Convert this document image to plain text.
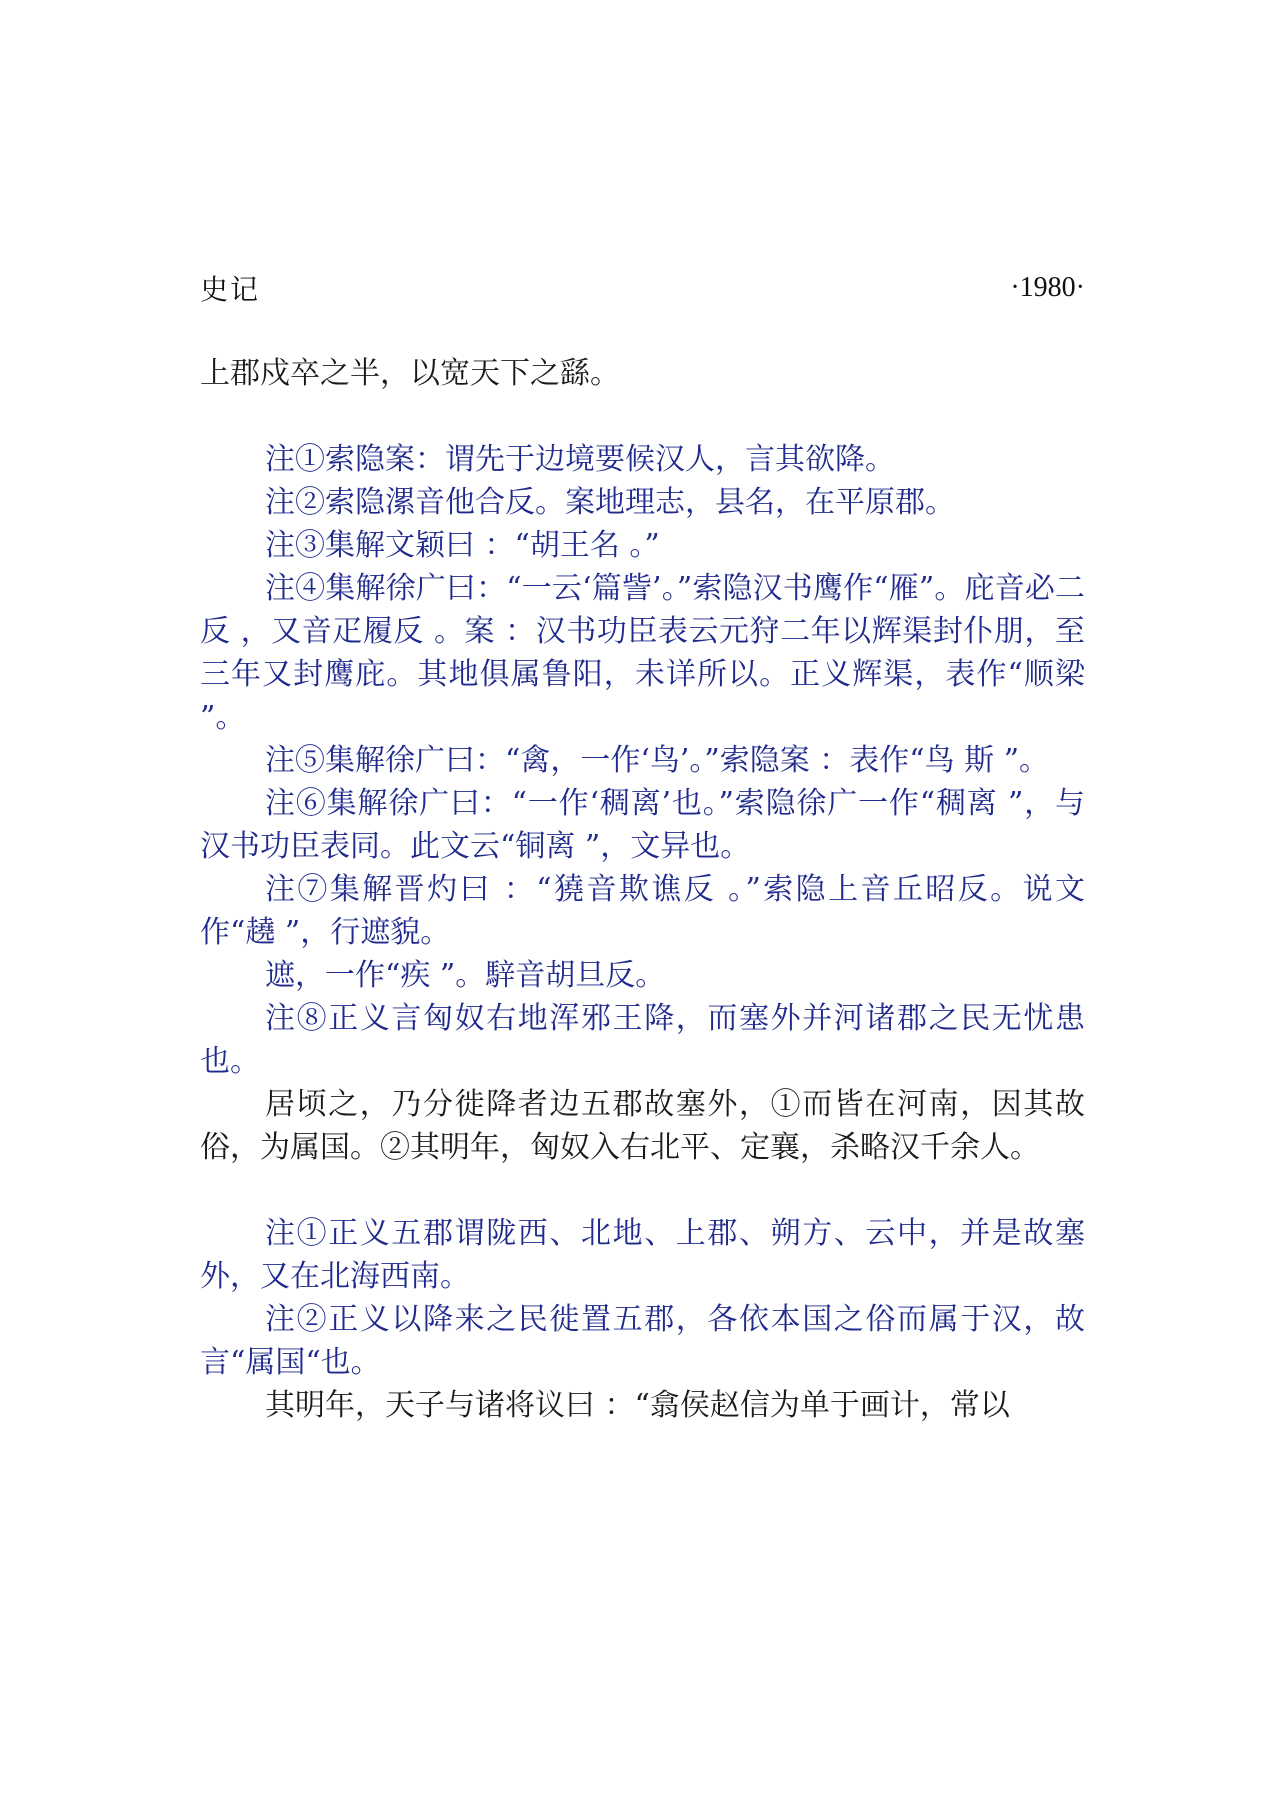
史记	·1980·

上郡戍卒之半，以宽天下之繇。

注①索隐案：谓先于边境要候汉人，言其欲降。

注②索隐漯音他合反。案地理志，县名，在平原郡。

注③集解文颖曰 ：“胡王名 。”

注④集解徐广曰：“一云‘篇訾’。”索隐汉书鹰作“雁”。庇音必二反 ，又音疋履反 。案 ：汉书功臣表云元狩二年以辉渠封仆朋，至三年又封鹰庇。其地俱属鲁阳，未详所以。正义辉渠，表作“顺梁 ”。

注⑤集解徐广曰：“禽，一作‘鸟’。”索隐案 ：表作“鸟 斯 ”。

注⑥集解徐广曰：“一作‘稠离’也。”索隐徐广一作“稠离 ”，与汉书功臣表同。此文云“铜离 ”，文异也。

注⑦集解晋灼曰 ：“獟音欺谯反 。”索隐上音丘昭反。说文作“趬 ”，行遮貌。

遮，一作“疾 ”。騂音胡旦反。

注⑧正义言匈奴右地浑邪王降，而塞外并河诸郡之民无忧患也。

居顷之，乃分徙降者边五郡故塞外，①而皆在河南，因其故俗，为属国。②其明年，匈奴入右北平、定襄，杀略汉千余人。

注①正义五郡谓陇西、北地、上郡、朔方、云中，并是故塞外，又在北海西南。

注②正义以降来之民徙置五郡，各依本国之俗而属于汉，故言“属国“也。

其明年，天子与诸将议曰 ：“翕侯赵信为单于画计，常以
